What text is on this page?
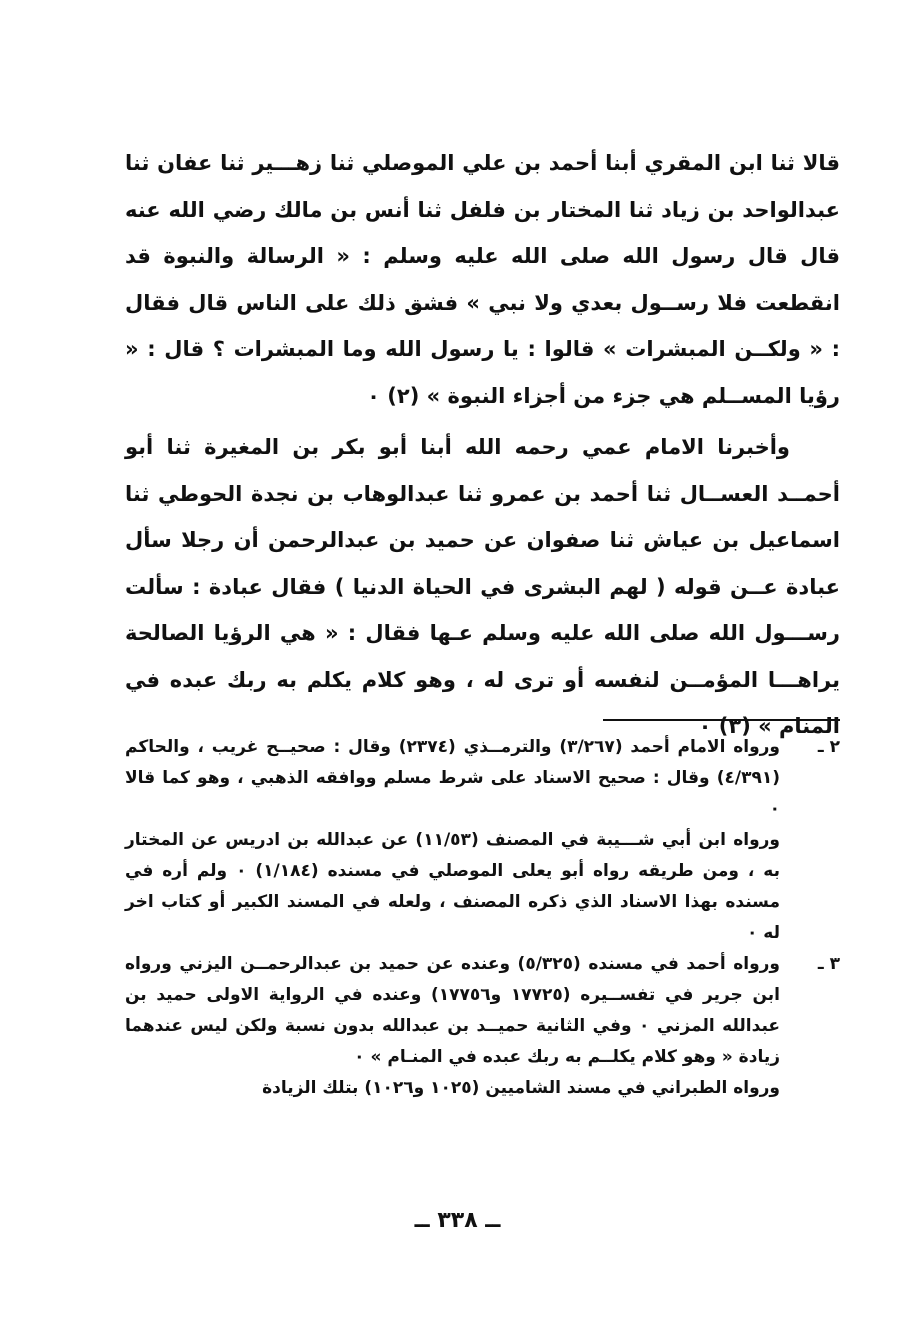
قالا ثنا ابن المقري أبنا أحمد بن علي الموصلي ثنا زهـــير ثنا عفان ثنا عبدالواحد بن زياد ثنا المختار بن فلفل ثنا أنس بن مالك رضي الله عنه قال قال رسول الله صلى الله عليه وسلم : « الرسالة والنبوة قد انقطعت فلا رســول بعدي ولا نبي » فشق ذلك على الناس قال فقال : « ولكــن المبشرات » قالوا : يا رسول الله وما المبشرات ؟ قال : « رؤيا المســلم هي جزء من أجزاء النبوة » (٢) ٠

وأخبرنا الامام عمي رحمه الله أبنا أبو بكر بن المغيرة ثنا أبو أحمــد العســال ثنا أحمد بن عمرو ثنا عبدالوهاب بن نجدة الحوطي ثنا اسماعيل بن عياش ثنا صفوان عن حميد بن عبدالرحمن أن رجلا سأل عبادة عــن قوله ( لهم البشرى في الحياة الدنيا ) فقال عبادة : سألت رســـول الله صلى الله عليه وسلم عـها فقال : « هي الرؤيا الصالحة يراهـــا المؤمــن لنفسه أو ترى له ، وهو كلام يكلم به ربك عبده في المنام » (٣) ٠

٢ ـ

ورواه الامام أحمد (٣/٢٦٧) والترمــذي (٢٣٧٤) وقال : صحيــح غريب ، والحاكم (٤/٣٩١) وقال : صحيح الاسناد على شرط مسلم ووافقه الذهبي ، وهو كما قالا ٠

ورواه ابن أبي شـــيبة في المصنف (١١/٥٣) عن عبدالله بن ادريس عن المختار به ، ومن طريقه رواه أبو يعلى الموصلي في مسنده (١/١٨٤) ٠ ولم أره في مسنده بهذا الاسناد الذي ذكره المصنف ، ولعله في المسند الكبير أو كتاب اخر له ٠

٣ ـ

ورواه أحمد في مسنده (٥/٣٢٥) وعنده عن حميد بن عبدالرحمــن اليزني ورواه ابن جرير في تفســيره (١٧٧٢٥ و١٧٧٥٦) وعنده في الرواية الاولى حميد بن عبدالله المزني ٠ وفي الثانية حميــد بن عبدالله بدون نسبة ولكن ليس عندهما زيادة « وهو كلام يكلــم به ربك عبده في المنـام » ٠

ورواه الطبراني في مسند الشاميين (١٠٢٥ و١٠٢٦) بتلك الزيادة

ــ ٣٣٨ ــ
